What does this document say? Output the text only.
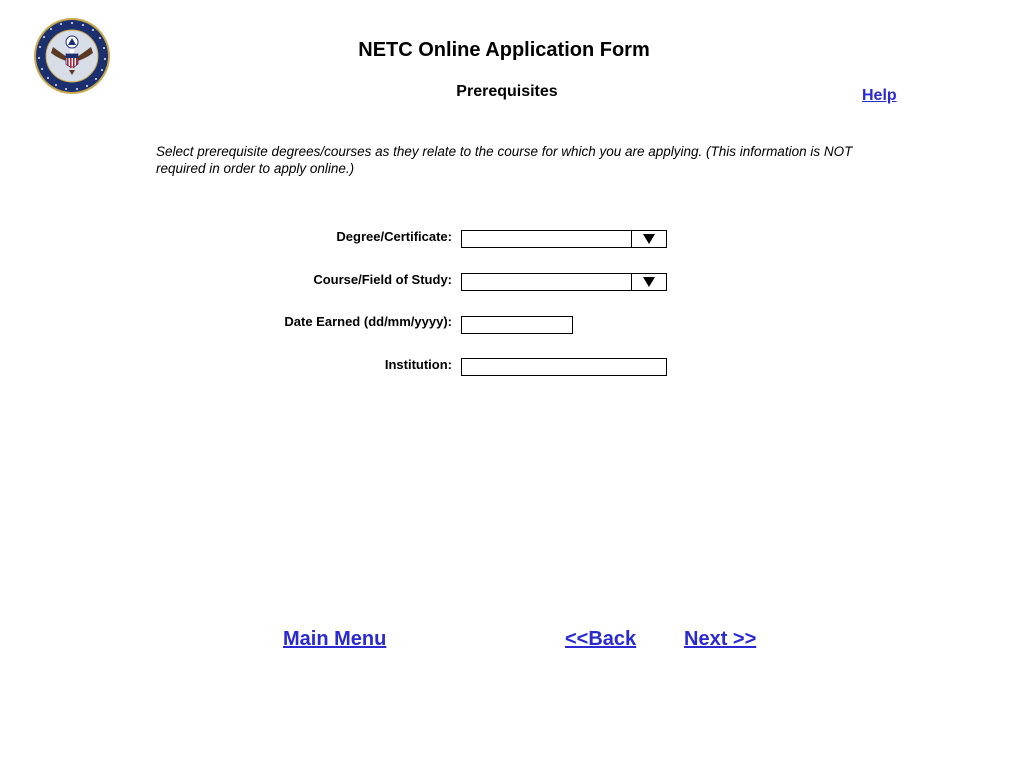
NETC Online Application Form
Prerequisites	Help
Select prerequisite degrees/courses as they relate to the course for which you are applying. (This information is NOT required in order to apply online.)
Degree/Certificate:
Course/Field of Study:
Date Earned (dd/mm/yyyy):
Institution:
Main Menu	<<Back Next >>
